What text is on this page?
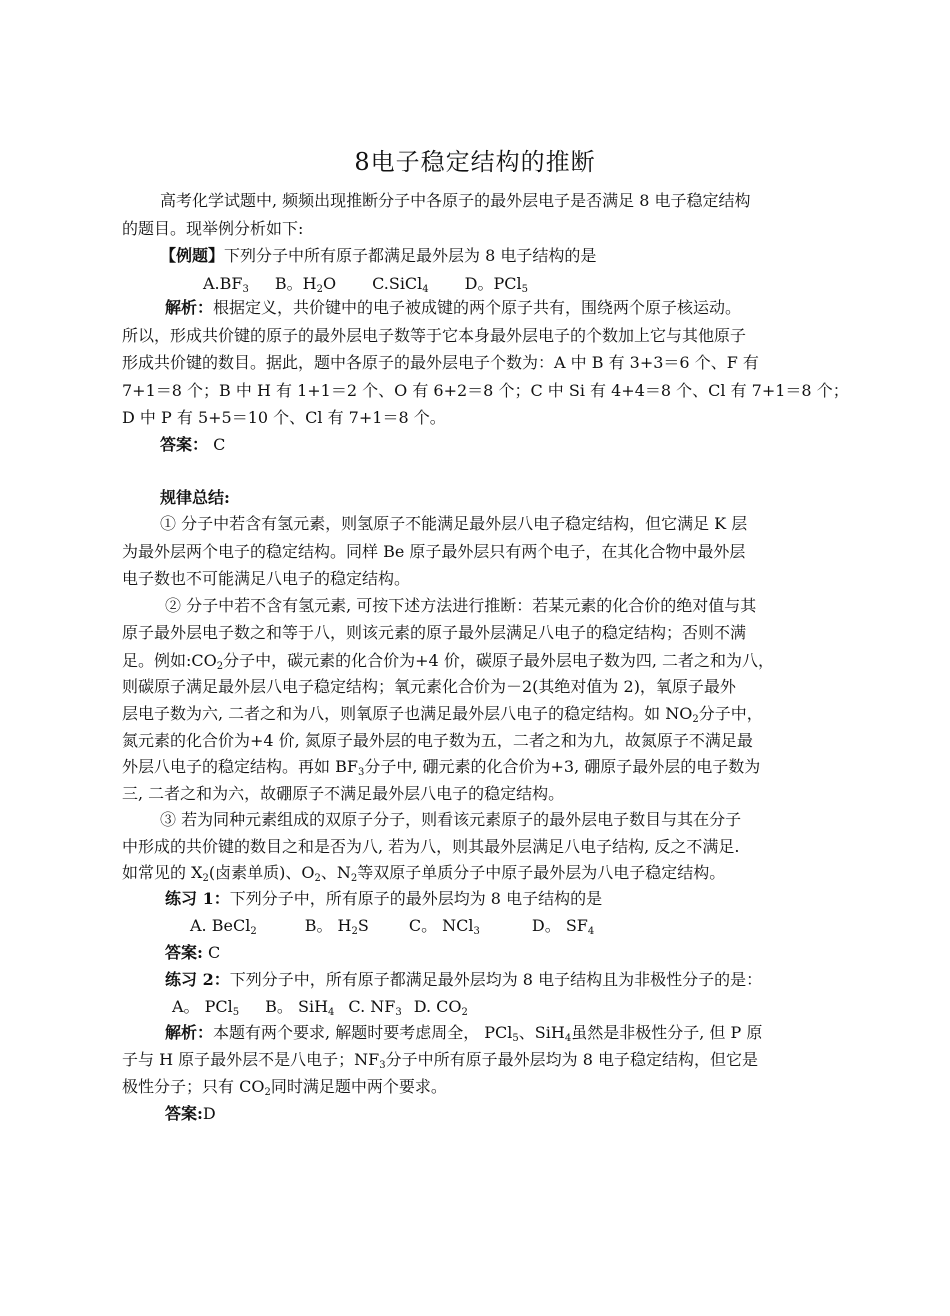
8电子稳定结构的推断
高考化学试题中, 频频出现推断分子中各原子的最外层电子是否满足 8 电子稳定结构
的题目。现举例分析如下:
【例题】下列分子中所有原子都满足最外层为 8 电子结构的是
$A.BF_3$ B。$H_2O$ C.SiCl$_4$ D。PCl$_5$
解析：根据定义，共价键中的电子被成键的两个原子共有，围绕两个原子核运动。
所以，形成共价键的原子的最外层电子数等于它本身最外层电子的个数加上它与其他原子
形成共价键的数目。据此，题中各原子的最外层电子个数为：A 中 B 有 3+3＝6 个、F 有
7+1＝8 个；B 中 H 有 1+1＝2 个、O 有 6+2＝8 个；C 中 Si 有 4+4＝8 个、Cl 有 7+1＝8 个；
D 中 P 有 5+5＝10 个、Cl 有 7+1＝8 个。
答案： C
规律总结:
① 分子中若含有氢元素，则氢原子不能满足最外层八电子稳定结构，但它满足 K 层
为最外层两个电子的稳定结构。同样 Be 原子最外层只有两个电子，在其化合物中最外层
电子数也不可能满足八电子的稳定结构。
② 分子中若不含有氢元素, 可按下述方法进行推断：若某元素的化合价的绝对值与其
原子最外层电子数之和等于八，则该元素的原子最外层满足八电子的稳定结构；否则不满
足。例如$:CO_2$分子中，碳元素的化合价为+4 价，碳原子最外层电子数为四, 二者之和为八，
则碳原子满足最外层八电子稳定结构；氧元素化合价为－2(其绝对值为 2)，氧原子最外
层电子数为六, 二者之和为八，则氧原子也满足最外层八电子的稳定结构。如 $NO_2$分子中，
氮元素的化合价为+4 价, 氮原子最外层的电子数为五，二者之和为九，故氮原子不满足最
外层八电子的稳定结构。再如 $BF_3$分子中, 硼元素的化合价为+3, 硼原子最外层的电子数为
三, 二者之和为六，故硼原子不满足最外层八电子的稳定结构。
③ 若为同种元素组成的双原子分子，则看该元素原子的最外层电子数目与其在分子
中形成的共价键的数目之和是否为八, 若为八，则其最外层满足八电子结构, 反之不满足.
如常见的 $X_2$(卤素单质)、$O_2$、$N_2$等双原子单质分子中原子最外层为八电子稳定结构。
练习 1：下列分子中，所有原子的最外层均为 8 电子结构的是
A. BeCl$_2$	B。 $H_2S$	C。 NCl$_3$	D。 $SF_4$
答案: C
练习 2：下列分子中，所有原子都满足最外层均为 8 电子结构且为非极性分子的是：
A。 PCl$_5$ B。 SiH$_4$ C. $NF_3$ D. $CO_2$
解析：本题有两个要求, 解题时要考虑周全， PCl$_5$、SiH$_4$虽然是非极性分子, 但 P 原
子与 H 原子最外层不是八电子；$NF_3$分子中所有原子最外层均为 8 电子稳定结构，但它是
极性分子；只有 $CO_2$同时满足题中两个要求。
答案:D
